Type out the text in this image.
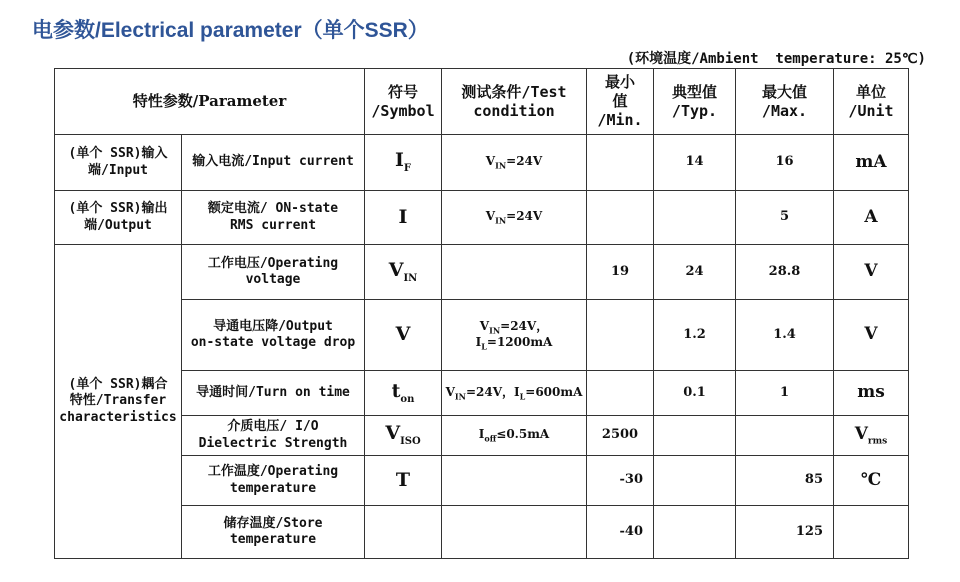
电参数/Electrical parameter（单个SSR）
(环境温度/Ambient  temperature: 25℃)
特性参数/Parameter		符号
/Symbol	测试条件/Test
condition	最小
值
/Min.	典型值
/Typ.	最大值
/Max.	单位
/Unit
(单个 SSR)输入
端/Input	输入电流/Input current	$I_F$	$V_{IN}=24V$		14	16	mA
(单个 SSR)输出
端/Output	额定电流/ ON-state
RMS current	I	$V_{IN}=24V$			5	A
(单个 SSR)耦合
特性/Transfer
characteristics	工作电压/Operating
voltage	$V_{IN}$		19	24	28.8	V
	导通电压降/Output
on-state voltage drop	V	$V_{IN}=24V$，$I_L=1200mA$		1.2	1.4	V
	导通时间/Turn on time	$t_{on}$	$V_{IN}=24V$，$I_L=600mA$		0.1	1	ms
	介质电压/ I/O
Dielectric Strength	$V_{ISO}$	$I_{off}\le 0.5mA$	2500			$V_{rms}$
	工作温度/Operating
temperature	T		-30		85	℃
	储存温度/Store
temperature			-40		125	
